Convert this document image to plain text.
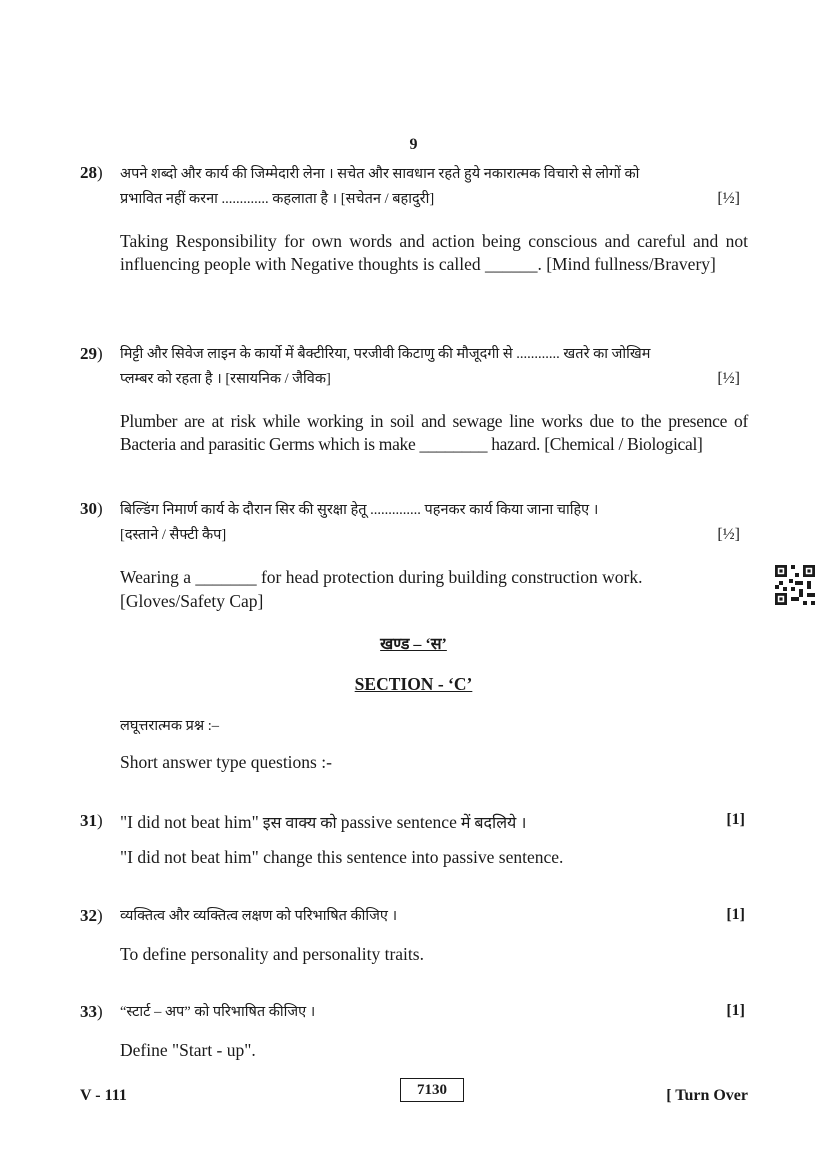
9
28) अपने शब्दो और कार्य की जिम्मेदारी लेना । सचेत और सावधान रहते हुये नकारात्मक विचारो से लोगों को
प्रभावित नहीं करना ............. कहलाता है । [सचेतन / बहादुरी]	[½]
Taking Responsibility for own words and action being conscious and careful and not influencing people with Negative thoughts is called ______. [Mind fullness/Bravery]
29) मिट्टी और सिवेज लाइन के कार्यो में बैक्टीरिया, परजीवी किटाणु की मौजूदगी से ............ खतरे का जोखिम
प्लम्बर को रहता है । [रसायनिक / जैविक]	[½]
Plumber are at risk while working in soil and sewage line works due to the presence of Bacteria and parasitic Germs which is make ________ hazard. [Chemical / Biological]
30) बिल्डिंग निमार्ण कार्य के दौरान सिर की सुरक्षा हेतू .............. पहनकर कार्य किया जाना चाहिए ।
[दस्ताने / सैफ्टी कैप]	[½]
Wearing a _______ for head protection during building construction work.
[Gloves/Safety Cap]
खण्ड – ‘स’
SECTION - ‘C’
लघूत्तरात्मक प्रश्न :–
Short answer type questions :-
31) "I did not beat him" इस वाक्य को passive sentence में बदलिये ।	[1]
"I did not beat him" change this sentence into passive sentence.
32) व्यक्तित्व और व्यक्तित्व लक्षण को परिभाषित कीजिए ।	[1]
To define personality and personality traits.
33) “स्टार्ट – अप” को परिभाषित कीजिए ।	[1]
Define "Start - up".
V - 111	7130	[ Turn Over
